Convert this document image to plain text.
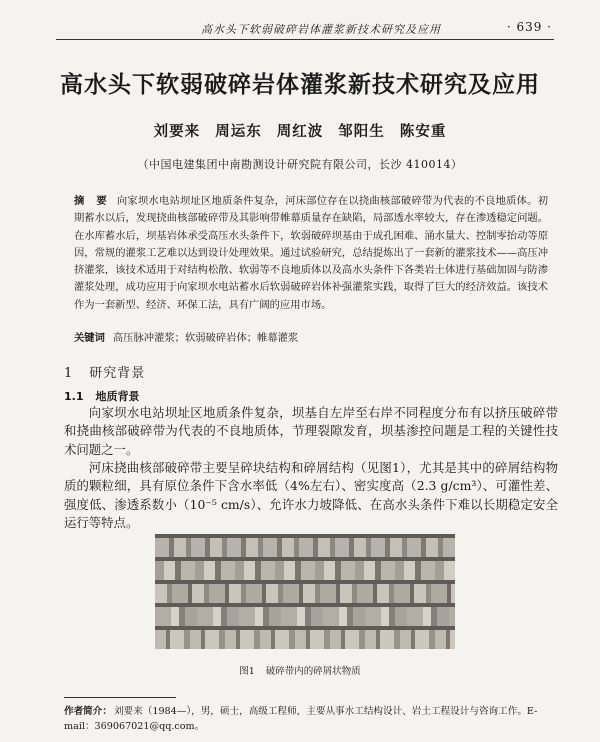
高水头下软弱破碎岩体灌浆新技术研究及应用	· 639 ·
高水头下软弱破碎岩体灌浆新技术研究及应用
刘要来 周运东 周红波 邹阳生 陈安重
（中国电建集团中南勘测设计研究院有限公司，长沙 410014）
摘 要 向家坝水电站坝址区地质条件复杂，河床部位存在以挠曲核部破碎带为代表的不良地质体。初期蓄水以后，发现挠曲核部破碎带及其影响带帷幕质量存在缺陷，局部透水率较大，存在渗透稳定问题。在水库蓄水后，坝基岩体承受高压水头条件下，软弱破碎坝基由于成孔困难、涌水量大、控制零抬动等原因，常规的灌浆工艺难以达到设计处理效果。通过试验研究，总结提炼出了一套新的灌浆技术——高压冲挤灌浆，该技术适用于对结构松散、软弱等不良地质体以及高水头条件下各类岩土体进行基础加固与防渗灌浆处理，成功应用于向家坝水电站蓄水后软弱破碎岩体补强灌浆实践，取得了巨大的经济效益。该技术作为一套新型、经济、环保工法，具有广阔的应用市场。
关键词 高压脉冲灌浆；软弱破碎岩体；帷幕灌浆
1 研究背景
1.1 地质背景
向家坝水电站坝址区地质条件复杂，坝基自左岸至右岸不同程度分布有以挤压破碎带和挠曲核部破碎带为代表的不良地质体，节理裂隙发育，坝基渗控问题是工程的关键性技术问题之一。
河床挠曲核部破碎带主要呈碎块结构和碎屑结构（见图1），尤其是其中的碎屑结构物质的颗粒细，具有原位条件下含水率低（4%左右）、密实度高（2.3 g/cm³）、可灌性差、强度低、渗透系数小（10⁻⁵ cm/s）、允许水力坡降低、在高水头条件下难以长期稳定安全运行等特点。
图1 破碎带内的碎屑状物质
作者简介： 刘要来（1984—），男，硕士，高级工程师，主要从事水工结构设计、岩土工程设计与咨询工作。E-mail：369067021@qq.com。
